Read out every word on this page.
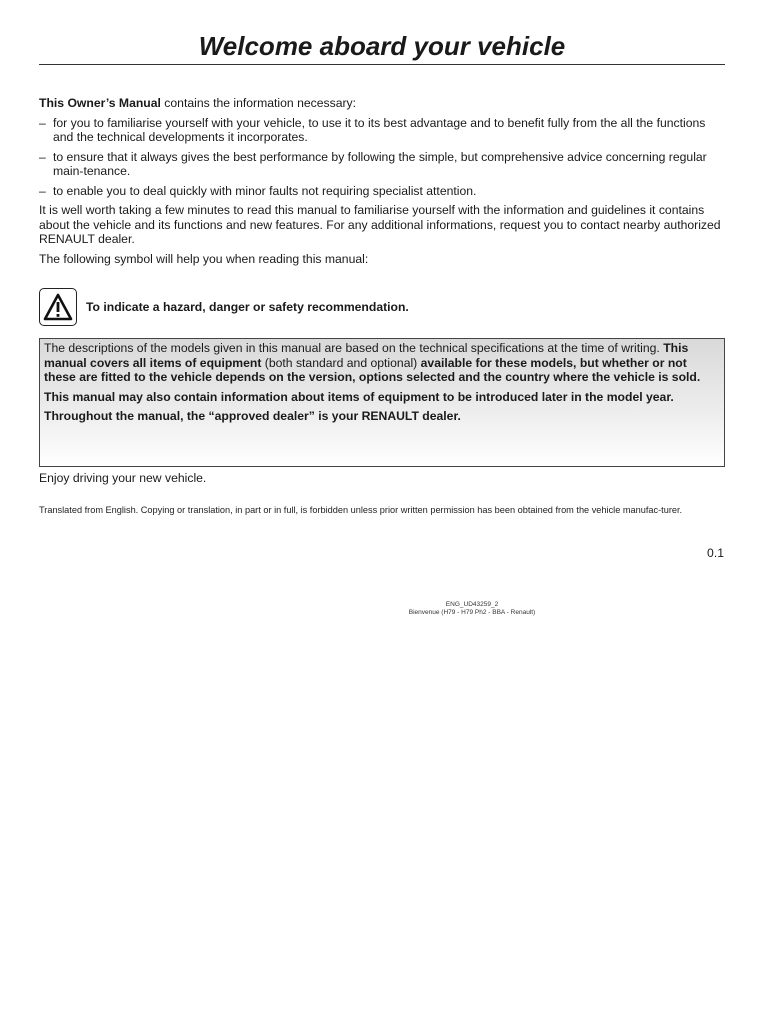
Welcome aboard your vehicle

This Owner’s Manual contains the information necessary:

– for you to familiarise yourself with your vehicle, to use it to its best advantage and to benefit fully from the all the functions and the technical developments it incorporates.
– to ensure that it always gives the best performance by following the simple, but comprehensive advice concerning regular main-tenance.
– to enable you to deal quickly with minor faults not requiring specialist attention.

It is well worth taking a few minutes to read this manual to familiarise yourself with the information and guidelines it contains about the vehicle and its functions and new features. For any additional informations, request you to contact nearby authorized RENAULT dealer.

The following symbol will help you when reading this manual:

To indicate a hazard, danger or safety recommendation.

The descriptions of the models given in this manual are based on the technical specifications at the time of writing. This manual covers all items of equipment (both standard and optional) available for these models, but whether or not these are fitted to the vehicle depends on the version, options selected and the country where the vehicle is sold.

This manual may also contain information about items of equipment to be introduced later in the model year.

Throughout the manual, the “approved dealer” is your RENAULT dealer.

Enjoy driving your new vehicle.
Translated from English. Copying or translation, in part or in full, is forbidden unless prior written permission has been obtained from the vehicle manufac-turer.
0.1
ENG_UD43259_2
Bienvenue (H79 - H79 Ph2 - BBA - Renault)
